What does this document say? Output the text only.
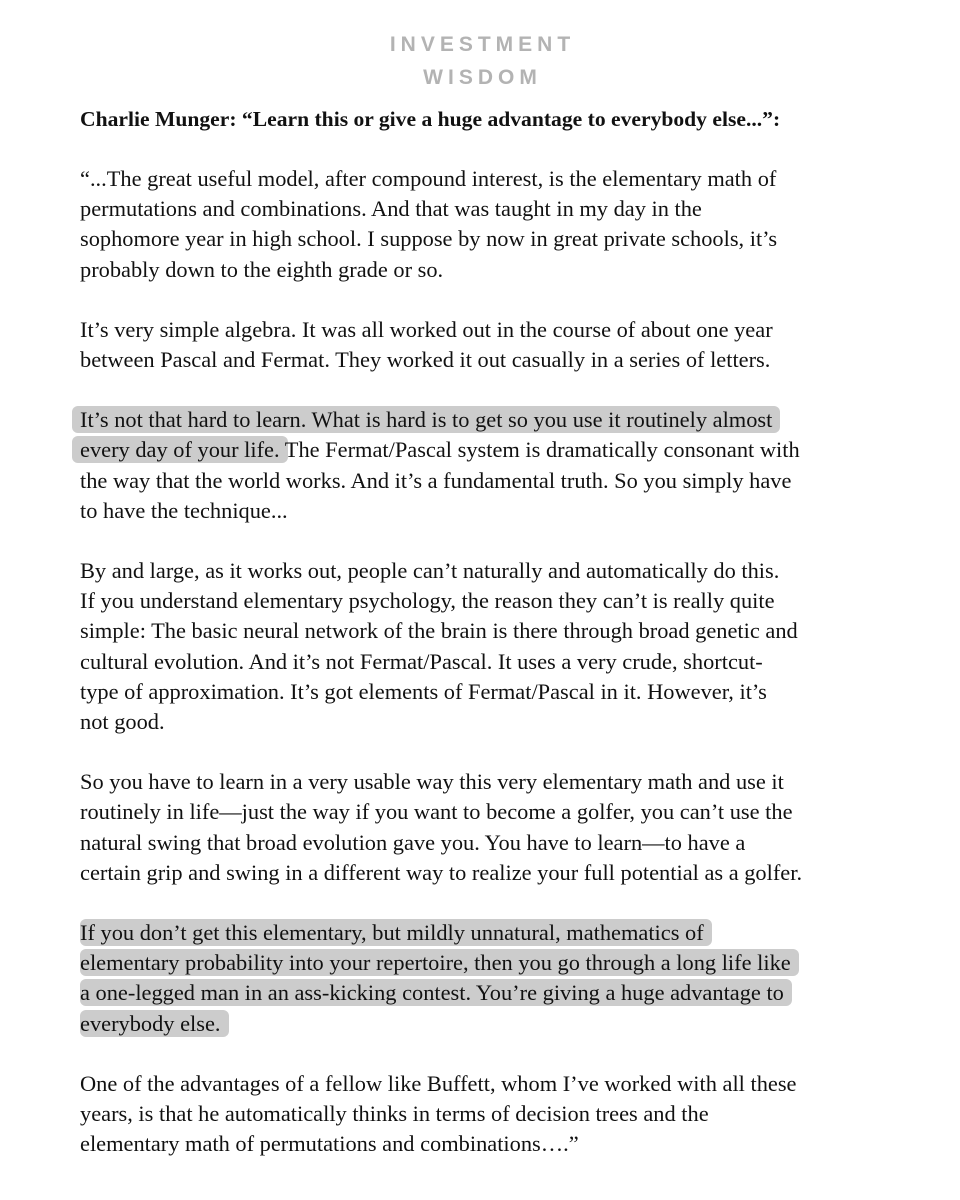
INVESTMENT
WISDOM
Charlie Munger: “Learn this or give a huge advantage to everybody else...”:

“...The great useful model, after compound interest, is the elementary math of
permutations and combinations. And that was taught in my day in the
sophomore year in high school. I suppose by now in great private schools, it’s
probably down to the eighth grade or so.

It’s very simple algebra. It was all worked out in the course of about one year
between Pascal and Fermat. They worked it out casually in a series of letters.

It’s not that hard to learn. What is hard is to get so you use it routinely almost
every day of your life. The Fermat/Pascal system is dramatically consonant with
the way that the world works. And it’s a fundamental truth. So you simply have
to have the technique...

By and large, as it works out, people can’t naturally and automatically do this.
If you understand elementary psychology, the reason they can’t is really quite
simple: The basic neural network of the brain is there through broad genetic and
cultural evolution. And it’s not Fermat/Pascal. It uses a very crude, shortcut-
type of approximation. It’s got elements of Fermat/Pascal in it. However, it’s
not good.

So you have to learn in a very usable way this very elementary math and use it
routinely in life—just the way if you want to become a golfer, you can’t use the
natural swing that broad evolution gave you. You have to learn—to have a
certain grip and swing in a different way to realize your full potential as a golfer.

If you don’t get this elementary, but mildly unnatural, mathematics of
elementary probability into your repertoire, then you go through a long life like
a one-legged man in an ass-kicking contest. You’re giving a huge advantage to
everybody else.

One of the advantages of a fellow like Buffett, whom I’ve worked with all these
years, is that he automatically thinks in terms of decision trees and the
elementary math of permutations and combinations….”
